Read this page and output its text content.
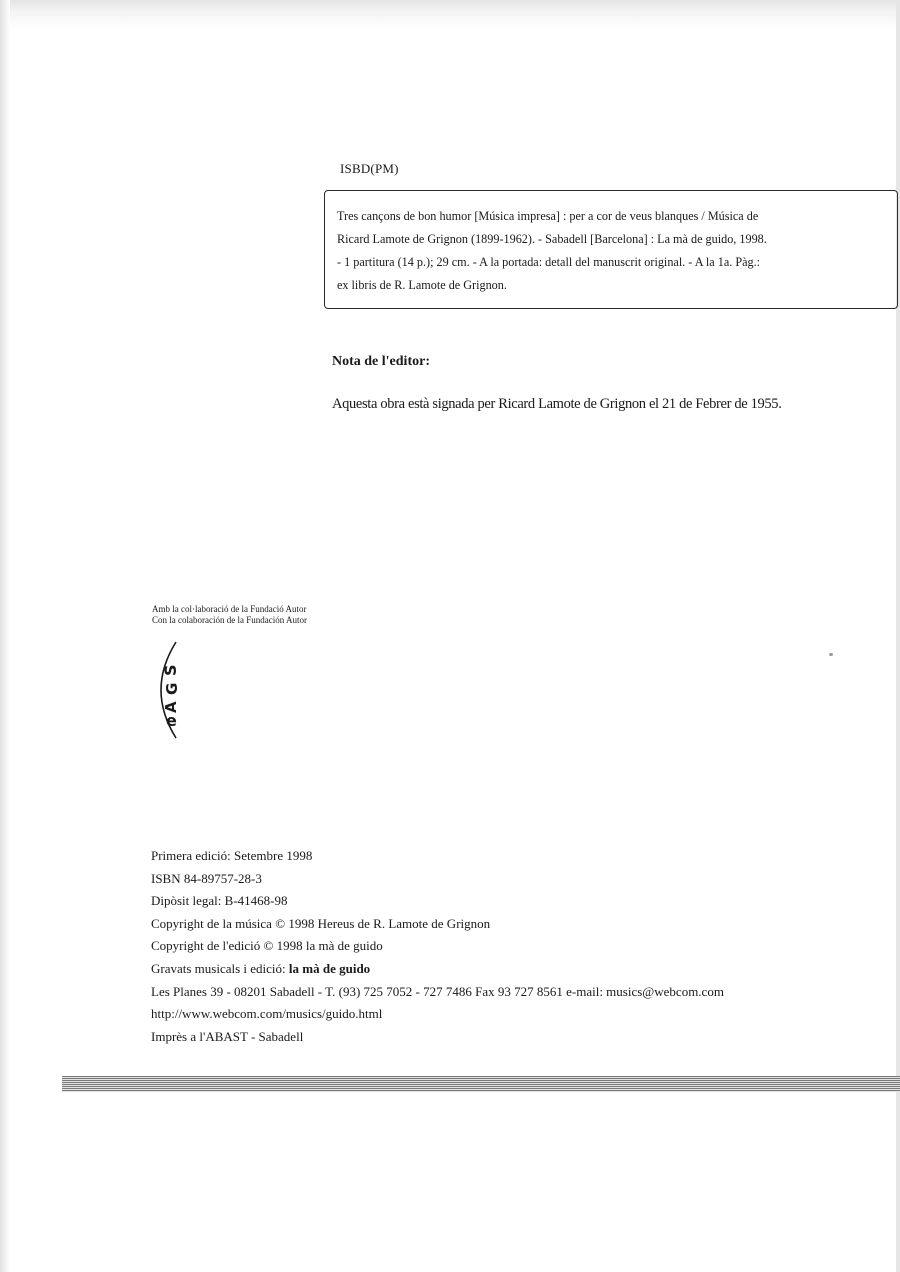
ISBD(PM)
Tres cançons de bon humor [Música impresa] : per a cor de veus blanques / Música de
Ricard Lamote de Grignon (1899-1962). - Sabadell [Barcelona] : La mà de guido, 1998.
- 1 partitura (14 p.); 29 cm. - A la portada: detall del manuscrit original. - A la 1a. Pàg.:
ex libris de R. Lamote de Grignon.
Nota de l'editor:
Aquesta obra està signada per Ricard Lamote de Grignon el 21 de Febrer de 1955.
Amb la col·laboració de la Fundació Autor
Con la colaboración de la Fundación Autor
S
G
A
e
Primera edició: Setembre 1998
ISBN 84-89757-28-3
Dipòsit legal: B-41468-98
Copyright de la música © 1998 Hereus de R. Lamote de Grignon
Copyright de l'edició © 1998 la mà de guido
Gravats musicals i edició: la mà de guido
Les Planes 39 - 08201 Sabadell - T. (93) 725 7052 - 727 7486 Fax 93 727 8561 e-mail: musics@webcom.com
http://www.webcom.com/musics/guido.html
Imprès a l'ABAST - Sabadell
